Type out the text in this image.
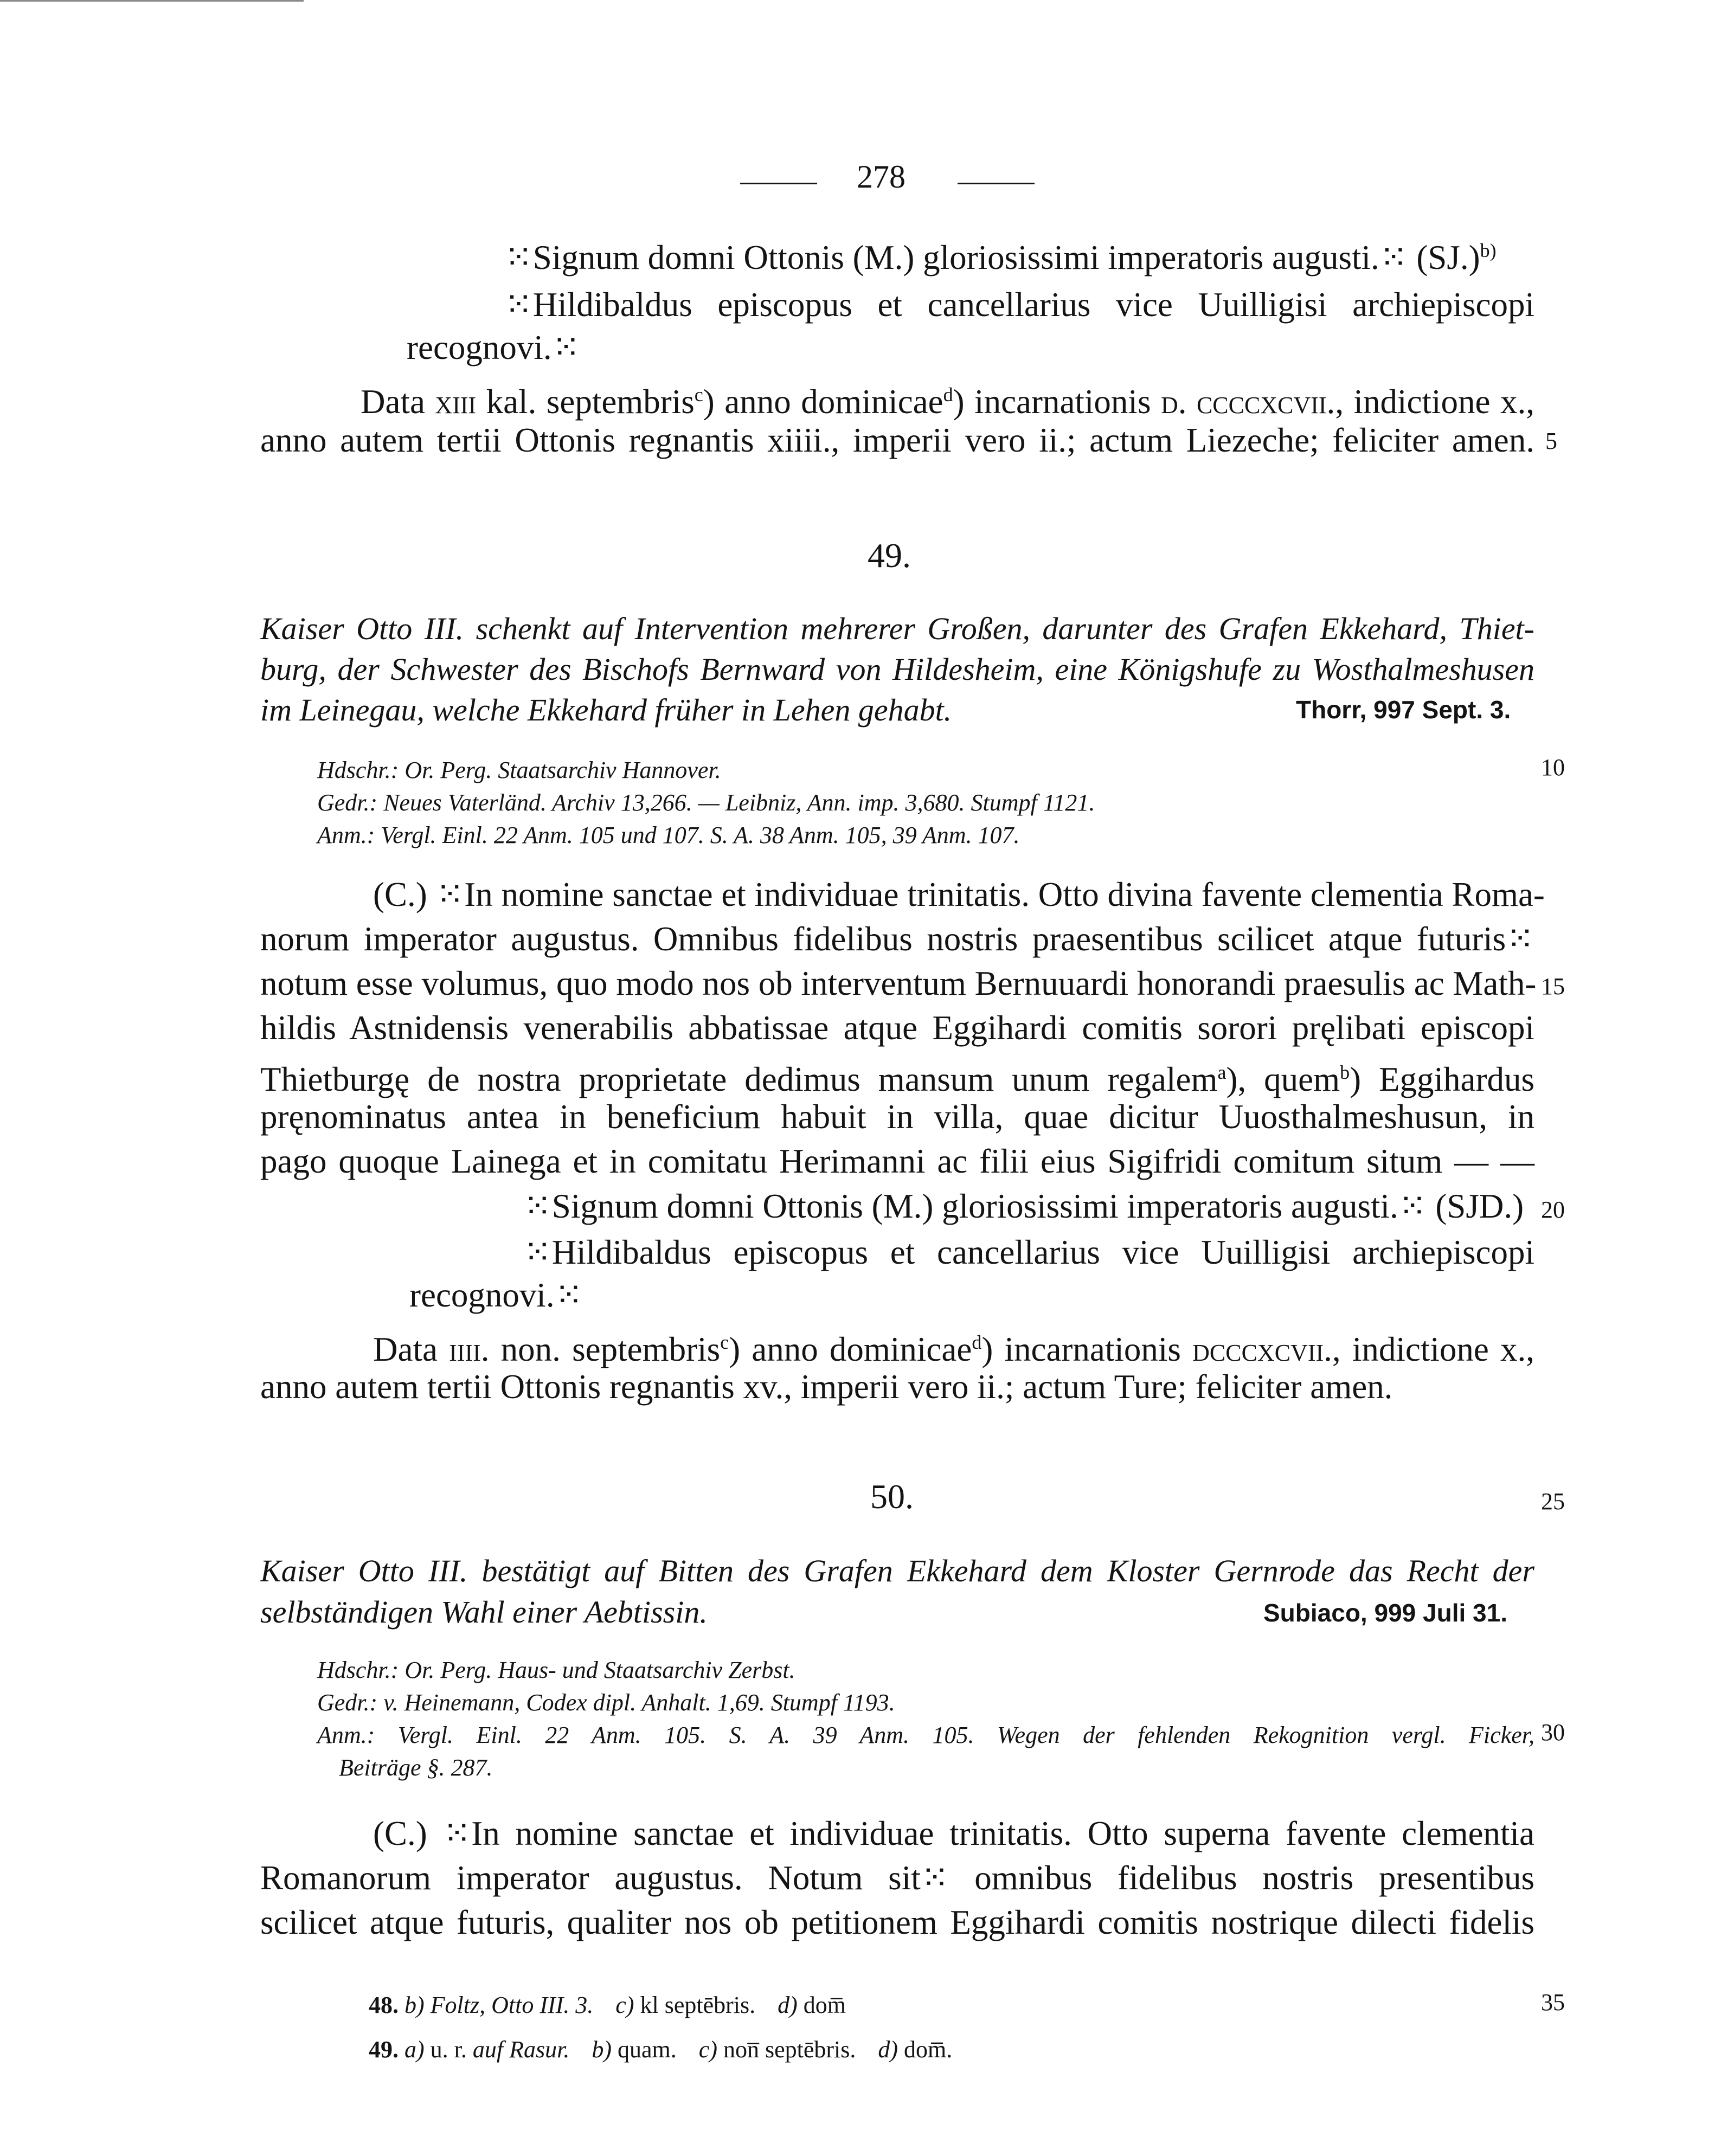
278
⁙Signum domni Ottonis (M.) gloriosissimi imperatoris augusti.⁙ $(SJ.)^{b)}$
⁙Hildibaldus episcopus et cancellarius vice Uuilligisi archiepiscopi
recognovi.⁙
Data xiii kal. septembris$^c$) anno dominicae$^d$) incarnationis d. ccccxcvii., indictione x.,
anno autem tertii Ottonis regnantis xiiii., imperii vero ii.; actum Liezeche; feliciter amen. 5
49.
Kaiser Otto III. schenkt auf Intervention mehrerer Großen, darunter des Grafen Ekkehard, Thiet-
burg, der Schwester des Bischofs Bernward von Hildesheim, eine Königshufe zu Wosthalmeshusen
im Leinegau, welche Ekkehard früher in Lehen gehabt.	Thorr, 997 Sept. 3.
Hdschr.: Or. Perg. Staatsarchiv Hannover.	10
Gedr.: Neues Vaterländ. Archiv 13,266. — Leibniz, Ann. imp. 3,680. Stumpf 1121.
Anm.: Vergl. Einl. 22 Anm. 105 und 107. S. A. 38 Anm. 105, 39 Anm. 107.
(C.) ⁙In nomine sanctae et individuae trinitatis. Otto divina favente clementia Roma-
norum imperator augustus. Omnibus fidelibus nostris praesentibus scilicet atque futuris⁙
notum esse volumus, quo modo nos ob interventum Bernuuardi honorandi praesulis ac Math- 15
hildis Astnidensis venerabilis abbatissae atque Eggihardi comitis sorori pręlibati episcopi
Thietburgę de nostra proprietate dedimus mansum unum regalem$^a$), quem$^b$) Eggihardus
pręnominatus antea in beneficium habuit in villa, quae dicitur Uuosthalmeshusun, in
pago quoque Lainega et in comitatu Herimanni ac filii eius Sigifridi comitum situm — —
⁙Signum domni Ottonis (M.) gloriosissimi imperatoris augusti.⁙ (SJD.) 20
⁙Hildibaldus episcopus et cancellarius vice Uuilligisi archiepiscopi
recognovi.⁙
Data iiii. non. septembris$^c$) anno dominicae$^d$) incarnationis dcccxcvii., indictione x.,
anno autem tertii Ottonis regnantis xv., imperii vero ii.; actum Ture; feliciter amen.
50.	25
Kaiser Otto III. bestätigt auf Bitten des Grafen Ekkehard dem Kloster Gernrode das Recht der
selbständigen Wahl einer Aebtissin.	Subiaco, 999 Juli 31.
Hdschr.: Or. Perg. Haus- und Staatsarchiv Zerbst.
Gedr.: v. Heinemann, Codex dipl. Anhalt. 1,69. Stumpf 1193.
Anm.: Vergl. Einl. 22 Anm. 105. S. A. 39 Anm. 105. Wegen der fehlenden Rekognition vergl. Ficker, 30
Beiträge §. 287.
(C.) ⁙In nomine sanctae et individuae trinitatis. Otto superna favente clementia
Romanorum imperator augustus. Notum sit⁙ omnibus fidelibus nostris presentibus
scilicet atque futuris, qualiter nos ob petitionem Eggihardi comitis nostrique dilecti fidelis
48. b) Foltz, Otto III. 3. c) kl septēbris. d) dom̅	35
49. a) u. r. auf Rasur. b) quam. c) non̅ septēbris. d) dom̅.
